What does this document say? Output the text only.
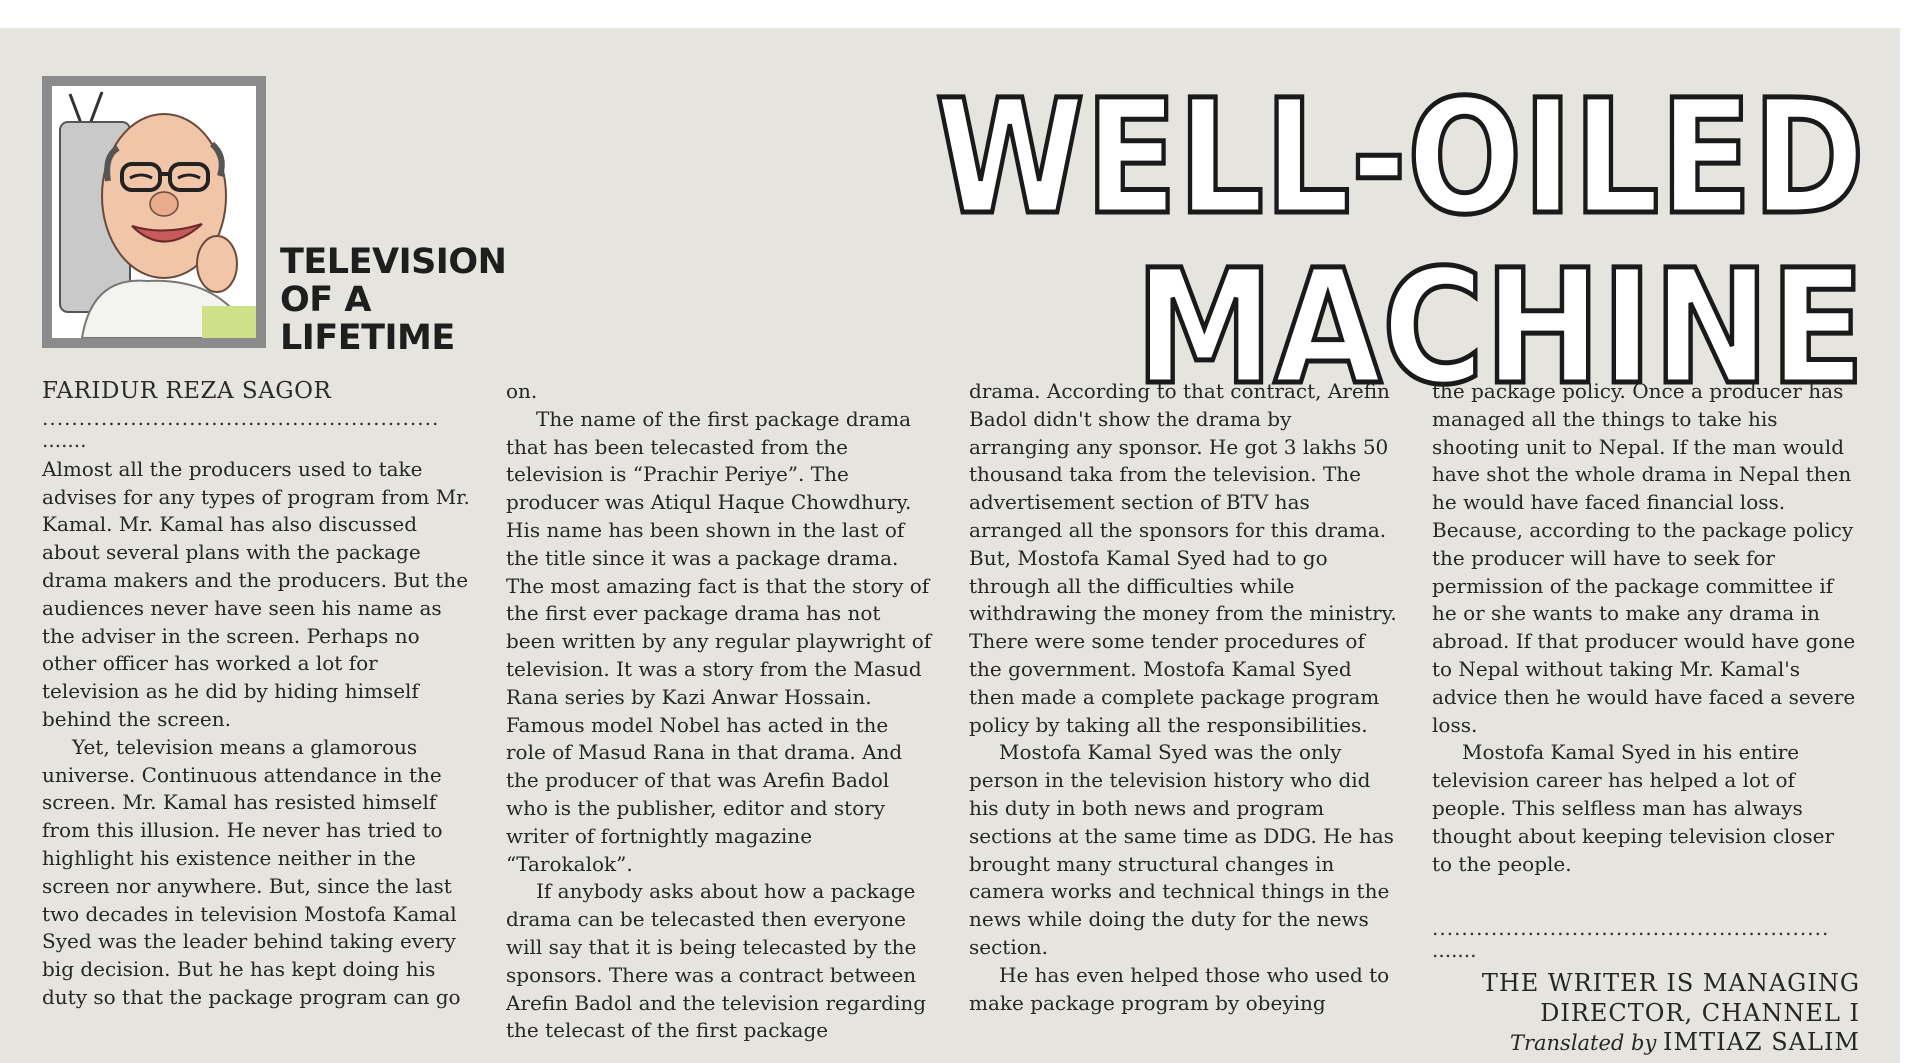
TELEVISION
OF A
LIFETIME
WELL-OILED
MACHINE
FARIDUR REZA SAGOR
......................................................
.......

Almost all the producers used to take advises for any types of program from Mr. Kamal. Mr. Kamal has also discussed about several plans with the package drama makers and the producers. But the audiences never have seen his name as the adviser in the screen. Perhaps no other officer has worked a lot for television as he did by hiding himself behind the screen.

Yet, television means a glamorous universe. Continuous attendance in the screen. Mr. Kamal has resisted himself from this illusion. He never has tried to highlight his existence neither in the screen nor anywhere. But, since the last two decades in television Mostofa Kamal Syed was the leader behind taking every big decision. But he has kept doing his duty so that the package program can go

on.

The name of the first package drama that has been telecasted from the television is “Prachir Periye”. The producer was Atiqul Haque Chowdhury. His name has been shown in the last of the title since it was a package drama. The most amazing fact is that the story of the first ever package drama has not been written by any regular playwright of television. It was a story from the Masud Rana series by Kazi Anwar Hossain. Famous model Nobel has acted in the role of Masud Rana in that drama. And the producer of that was Arefin Badol who is the publisher, editor and story writer of fortnightly magazine “Tarokalok”.

If anybody asks about how a package drama can be telecasted then everyone will say that it is being telecasted by the sponsors. There was a contract between Arefin Badol and the television regarding the telecast of the first package

drama. According to that contract, Arefin Badol didn't show the drama by arranging any sponsor. He got 3 lakhs 50 thousand taka from the television. The advertisement section of BTV has arranged all the sponsors for this drama. But, Mostofa Kamal Syed had to go through all the difficulties while withdrawing the money from the ministry. There were some tender procedures of the government. Mostofa Kamal Syed then made a complete package program policy by taking all the responsibilities.

Mostofa Kamal Syed was the only person in the television history who did his duty in both news and program sections at the same time as DDG. He has brought many structural changes in camera works and technical things in the news while doing the duty for the news section.

He has even helped those who used to make package program by obeying

the package policy. Once a producer has managed all the things to take his shooting unit to Nepal. If the man would have shot the whole drama in Nepal then he would have faced financial loss. Because, according to the package policy the producer will have to seek for permission of the package committee if he or she wants to make any drama in abroad. If that producer would have gone to Nepal without taking Mr. Kamal's advice then he would have faced a severe loss.

Mostofa Kamal Syed in his entire television career has helped a lot of people. This selfless man has always thought about keeping television closer to the people.

......................................................
.......
THE WRITER IS MANAGING
DIRECTOR, CHANNEL I
Translated by IMTIAZ SALIM
